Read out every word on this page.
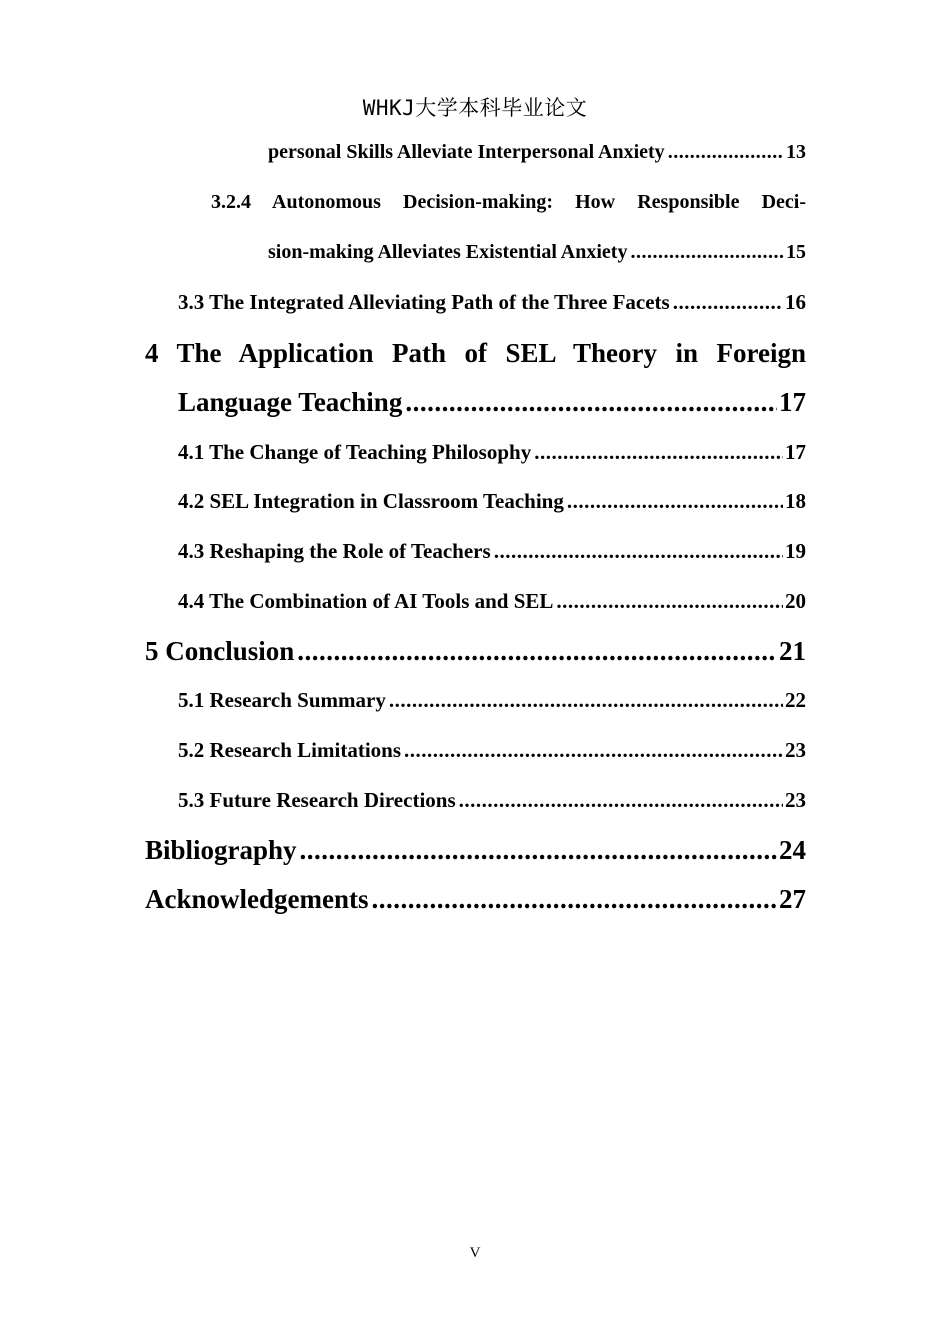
WHKJ大学本科毕业论文
personal Skills Alleviate Interpersonal Anxiety .....	13
3.2.4 Autonomous Decision-making: How Responsible Deci-
sion-making Alleviates Existential Anxiety .....	15
3.3 The Integrated Alleviating Path of the Three Facets .....	16
4 The Application Path of SEL Theory in Foreign
Language Teaching .....	17
4.1 The Change of Teaching Philosophy .....	17
4.2 SEL Integration in Classroom Teaching .....	18
4.3 Reshaping the Role of Teachers .....	19
4.4 The Combination of AI Tools and SEL .....	20
5 Conclusion .....	21
5.1 Research Summary .....	22
5.2 Research Limitations .....	23
5.3 Future Research Directions .....	23
Bibliography .....	24
Acknowledgements .....	27
V
